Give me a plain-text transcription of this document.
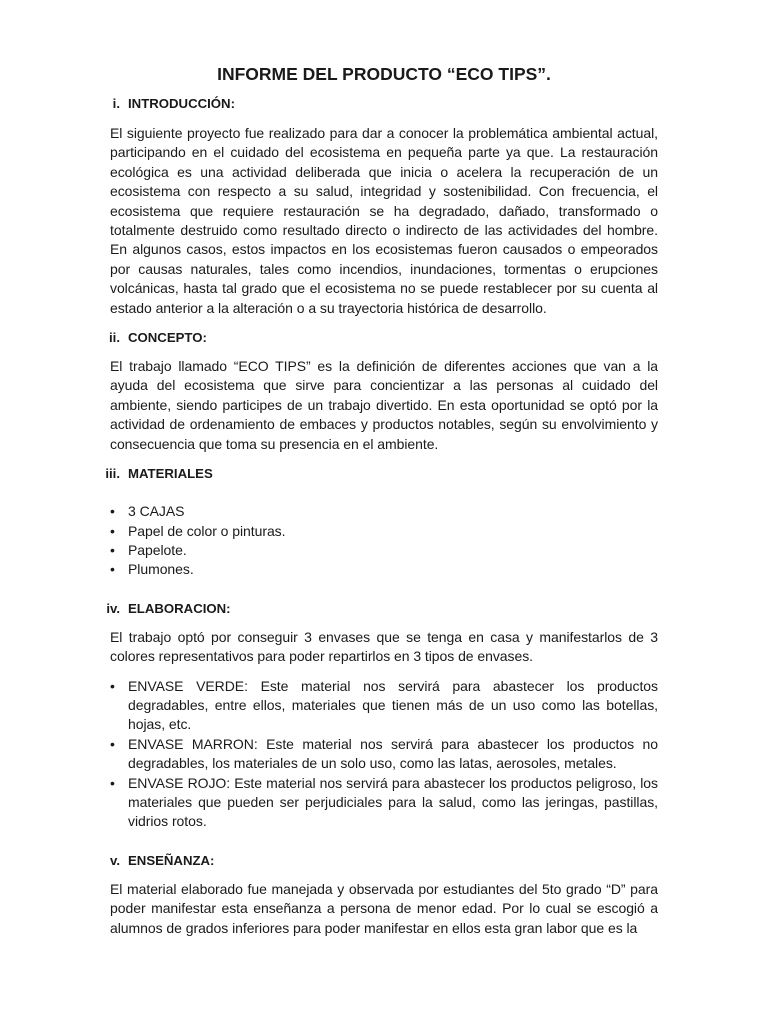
INFORME DEL PRODUCTO “ECO TIPS”.
i. INTRODUCCIÓN:

El siguiente proyecto fue realizado para dar a conocer la problemática ambiental actual, participando en el cuidado del ecosistema en pequeña parte ya que. La restauración ecológica es una actividad deliberada que inicia o acelera la recuperación de un ecosistema con respecto a su salud, integridad y sostenibilidad. Con frecuencia, el ecosistema que requiere restauración se ha degradado, dañado, transformado o totalmente destruido como resultado directo o indirecto de las actividades del hombre. En algunos casos, estos impactos en los ecosistemas fueron causados o empeorados por causas naturales, tales como incendios, inundaciones, tormentas o erupciones volcánicas, hasta tal grado que el ecosistema no se puede restablecer por su cuenta al estado anterior a la alteración o a su trayectoria histórica de desarrollo.

ii. CONCEPTO:

El trabajo llamado “ECO TIPS” es la definición de diferentes acciones que van a la ayuda del ecosistema que sirve para concientizar a las personas al cuidado del ambiente, siendo participes de un trabajo divertido. En esta oportunidad se optó por la actividad de ordenamiento de embaces y productos notables, según su envolvimiento y consecuencia que toma su presencia en el ambiente.

iii. MATERIALES
• 3 CAJAS
• Papel de color o pinturas.
• Papelote.
• Plumones.
iv. ELABORACION:

El trabajo optó por conseguir 3 envases que se tenga en casa y manifestarlos de 3 colores representativos para poder repartirlos en 3 tipos de envases.

• ENVASE VERDE: Este material nos servirá para abastecer los productos degradables, entre ellos, materiales que tienen más de un uso como las botellas, hojas, etc.
• ENVASE MARRON: Este material nos servirá para abastecer los productos no degradables, los materiales de un solo uso, como las latas, aerosoles, metales.
• ENVASE ROJO: Este material nos servirá para abastecer los productos peligroso, los materiales que pueden ser perjudiciales para la salud, como las jeringas, pastillas, vidrios rotos.
v. ENSEÑANZA:

El material elaborado fue manejada y observada por estudiantes del 5to grado “D” para poder manifestar esta enseñanza a persona de menor edad. Por lo cual se escogió a alumnos de grados inferiores para poder manifestar en ellos esta gran labor que es la
